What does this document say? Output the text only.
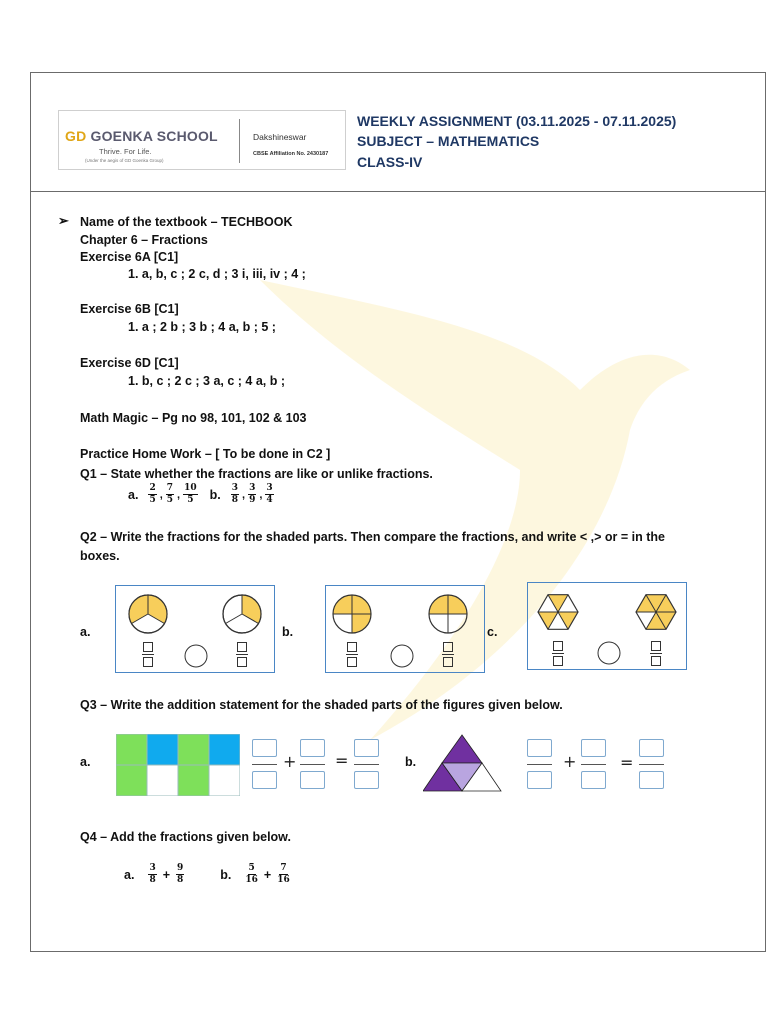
GD GOENKA SCHOOL
Thrive. For Life.
(Under the aegis of GD Goenka Group)
Dakshineswar
CBSE Affiliation No. 2430187
WEEKLY ASSIGNMENT (03.11.2025 - 07.11.2025)
SUBJECT – MATHEMATICS
CLASS-IV
➢ Name of the textbook – TECHBOOK
Chapter 6 – Fractions
Exercise 6A [C1]
1. a, b, c ; 2 c, d ; 3 i, iii, iv ; 4 ;
Exercise 6B [C1]
1. a ; 2 b ; 3 b ; 4 a, b ; 5 ;
Exercise 6D [C1]
1. b, c ; 2 c ; 3 a, c ; 4 a, b ;
Math Magic – Pg no 98, 101, 102 & 103
Practice Home Work – [ To be done in C2 ]
Q1 – State whether the fractions are like or unlike fractions.
a. $\frac{2}{5}$ , $\frac{7}{5}$ , $\frac{10}{5} b$. $\frac{3}{8}$ , $\frac{3}{9}$ , $\frac{3}{4}$
Q2 – Write the fractions for the shaded parts. Then compare the fractions, and write < ,> or = in the
boxes.
a.	b.	c.
Q3 – Write the addition statement for the shaded parts of the figures given below.
a.	b.
+ =	+	=
Q4 – Add the fractions given below.
a. $\frac{3}{8} + \frac{9}{8}$	b. $\frac{5}{16} + \frac{7}{16}$
